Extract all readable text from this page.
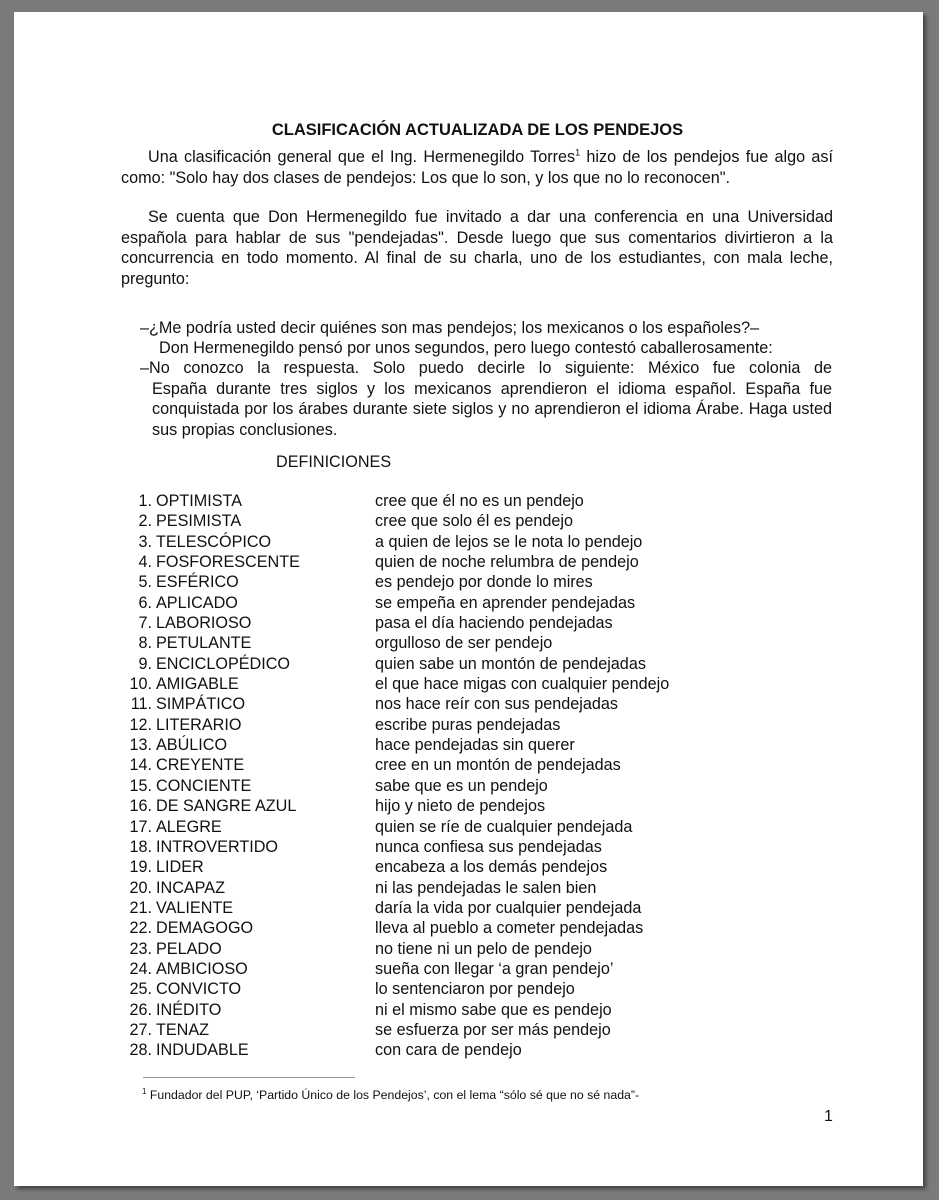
CLASIFICACIÓN ACTUALIZADA DE LOS PENDEJOS
Una clasificación general que el Ing. Hermenegildo Torres$^1$ hizo de los pendejos fue algo así como: "Solo hay dos clases de pendejos: Los que lo son, y los que no lo reconocen".
Se cuenta que Don Hermenegildo fue invitado a dar una conferencia en una Universidad española para hablar de sus "pendejadas". Desde luego que sus comentarios divirtieron a la concurrencia en todo momento. Al final de su charla, uno de los estudiantes, con mala leche, pregunto:
–¿Me podría usted decir quiénes son mas pendejos; los mexicanos o los españoles?–
Don Hermenegildo pensó por unos segundos, pero luego contestó caballerosamente:
–No conozco la respuesta. Solo puedo decirle lo siguiente: México fue colonia de
España durante tres siglos y los mexicanos aprendieron el idioma español. España fue conquistada por los árabes durante siete siglos y no aprendieron el idioma Árabe. Haga usted sus propias conclusiones.
DEFINICIONES
1. OPTIMISTA	cree que él no es un pendejo
2. PESIMISTA	cree que solo él es pendejo
3. TELESCÓPICO	a quien de lejos se le nota lo pendejo
4. FOSFORESCENTE	quien de noche relumbra de pendejo
5. ESFÉRICO	es pendejo por donde lo mires
6. APLICADO	se empeña en aprender pendejadas
7. LABORIOSO	pasa el día haciendo pendejadas
8. PETULANTE	orgulloso de ser pendejo
9. ENCICLOPÉDICO	quien sabe un montón de pendejadas
10. AMIGABLE	el que hace migas con cualquier pendejo
11. SIMPÁTICO	nos hace reír con sus pendejadas
12. LITERARIO	escribe puras pendejadas
13. ABÚLICO	hace pendejadas sin querer
14. CREYENTE	cree en un montón de pendejadas
15. CONCIENTE	sabe que es un pendejo
16. DE SANGRE AZUL	hijo y nieto de pendejos
17. ALEGRE	quien se ríe de cualquier pendejada
18. INTROVERTIDO	nunca confiesa sus pendejadas
19. LIDER	encabeza a los demás pendejos
20. INCAPAZ	ni las pendejadas le salen bien
21. VALIENTE	daría la vida por cualquier pendejada
22. DEMAGOGO	lleva al pueblo a cometer pendejadas
23. PELADO	no tiene ni un pelo de pendejo
24. AMBICIOSO	sueña con llegar ‘a gran pendejo’
25. CONVICTO	lo sentenciaron por pendejo
26. INÉDITO	ni el mismo sabe que es pendejo
27. TENAZ	se esfuerza por ser más pendejo
28. INDUDABLE	con cara de pendejo
$^1$ Fundador del PUP, ‘Partido Único de los Pendejos’, con el lema “sólo sé que no sé nada”-
1
